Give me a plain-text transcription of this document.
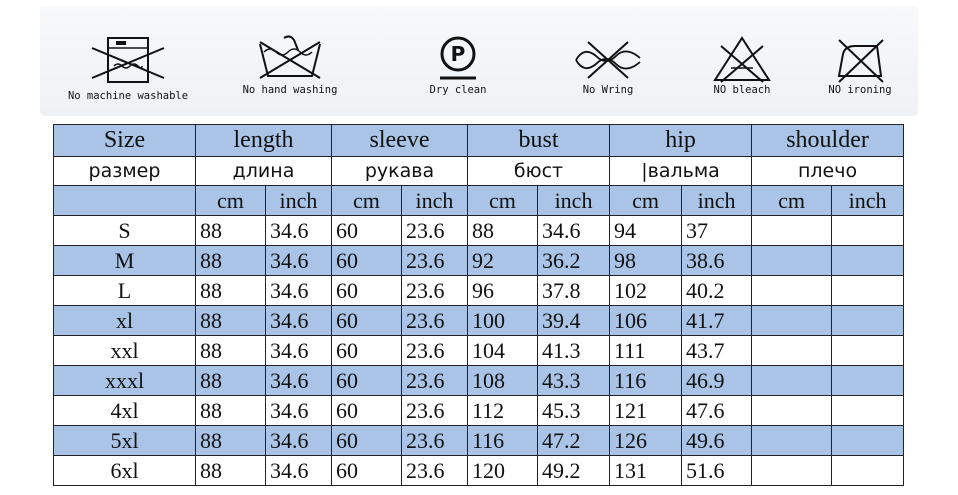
No machine washable	No hand washing
P
Dry clean	No Wring	NO bleach	NO ironing
Size	length		sleeve		bust		hip		shoulder	
размер	длина		рукава		бюст		|вальма		плечо	
	cm	inch	cm	inch	cm	inch	cm	inch	cm	inch
S	88	34.6	60	23.6	88	34.6	94	37		
M	88	34.6	60	23.6	92	36.2	98	38.6		
L	88	34.6	60	23.6	96	37.8	102	40.2		
xl	88	34.6	60	23.6	100	39.4	106	41.7		
xxl	88	34.6	60	23.6	104	41.3	111	43.7		
xxxl	88	34.6	60	23.6	108	43.3	116	46.9		
4xl	88	34.6	60	23.6	112	45.3	121	47.6		
5xl	88	34.6	60	23.6	116	47.2	126	49.6		
6xl	88	34.6	60	23.6	120	49.2	131	51.6		
